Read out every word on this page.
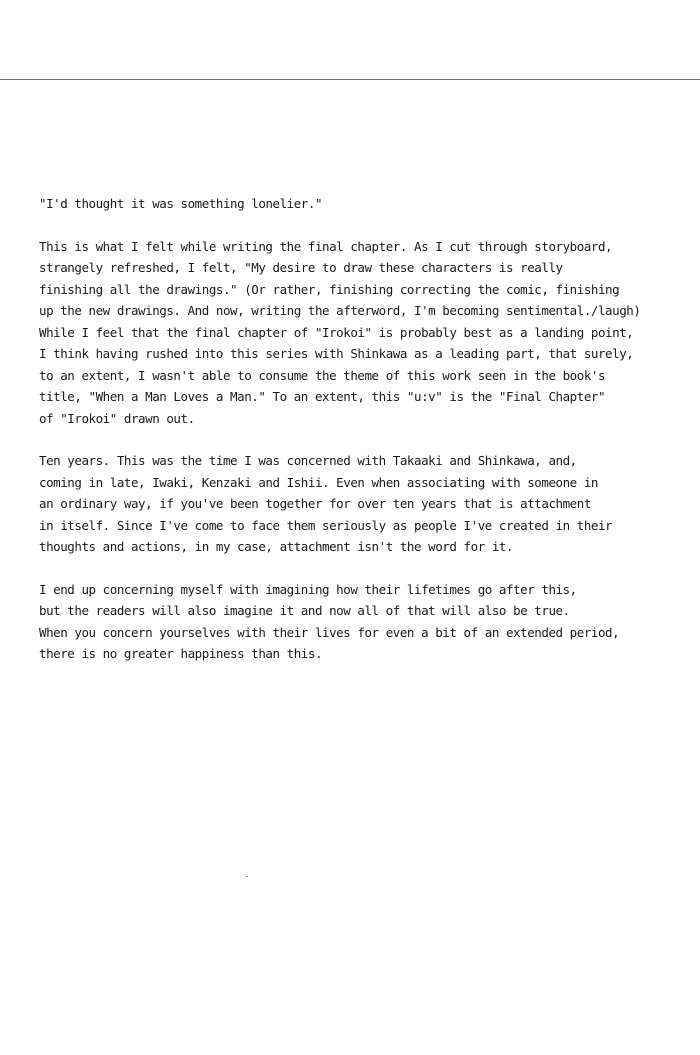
"I'd thought it was something lonelier."

This is what I felt while writing the final chapter. As I cut through storyboard,
strangely refreshed, I felt, "My desire to draw these characters is really
finishing all the drawings." (Or rather, finishing correcting the comic, finishing
up the new drawings. And now, writing the afterword, I'm becoming sentimental./laugh)
While I feel that the final chapter of "Irokoi" is probably best as a landing point,
I think having rushed into this series with Shinkawa as a leading part, that surely,
to an extent, I wasn't able to consume the theme of this work seen in the book's
title, "When a Man Loves a Man." To an extent, this "u:v" is the "Final Chapter"
of "Irokoi" drawn out.

Ten years. This was the time I was concerned with Takaaki and Shinkawa, and,
coming in late, Iwaki, Kenzaki and Ishii. Even when associating with someone in
an ordinary way, if you've been together for over ten years that is attachment
in itself. Since I've come to face them seriously as people I've created in their
thoughts and actions, in my case, attachment isn't the word for it.

I end up concerning myself with imagining how their lifetimes go after this,
but the readers will also imagine it and now all of that will also be true.
When you concern yourselves with their lives for even a bit of an extended period,
there is no greater happiness than this.
